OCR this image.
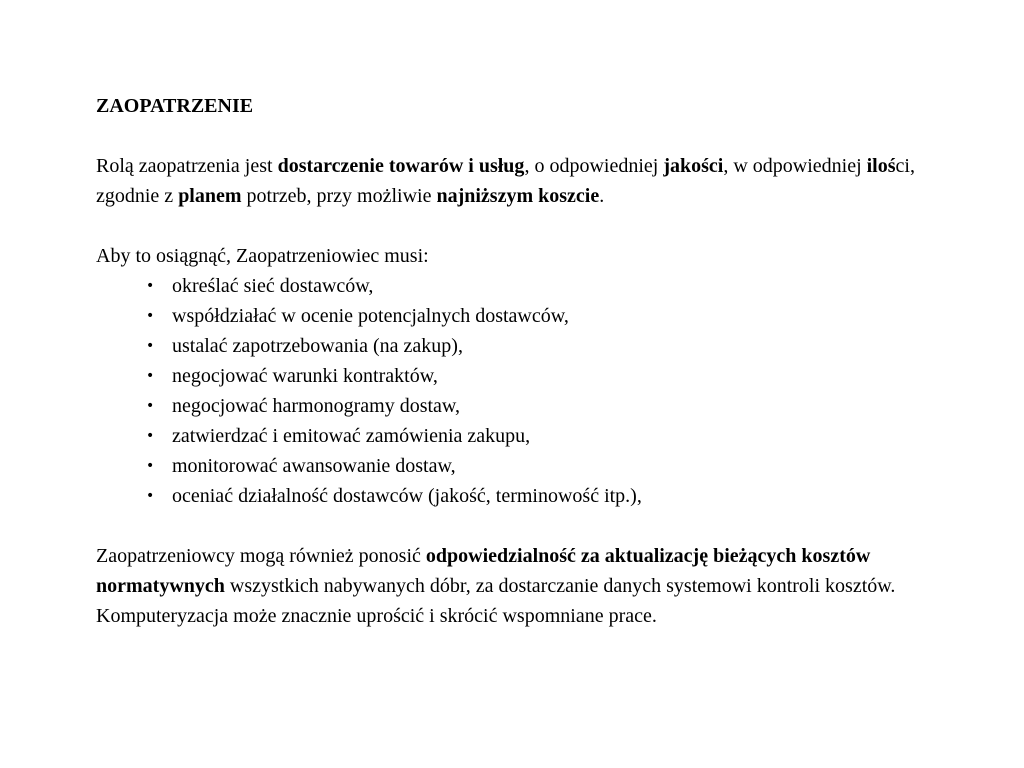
ZAOPATRZENIE

Rolą zaopatrzenia jest dostarczenie towarów i usług, o odpowiedniej jakości, w odpowiedniej ilości, zgodnie z planem potrzeb, przy możliwie najniższym koszcie.

Aby to osiągnąć, Zaopatrzeniowiec musi:

• określać sieć dostawców,
• współdziałać w ocenie potencjalnych dostawców,
• ustalać zapotrzebowania (na zakup),
• negocjować warunki kontraktów,
• negocjować harmonogramy dostaw,
• zatwierdzać i emitować zamówienia zakupu,
• monitorować awansowanie dostaw,
• oceniać działalność dostawców (jakość, terminowość itp.),

Zaopatrzeniowcy mogą również ponosić odpowiedzialność za aktualizację bieżących kosztów normatywnych wszystkich nabywanych dóbr, za dostarczanie danych systemowi kontroli kosztów. Komputeryzacja może znacznie uprościć i skrócić wspomniane prace.
